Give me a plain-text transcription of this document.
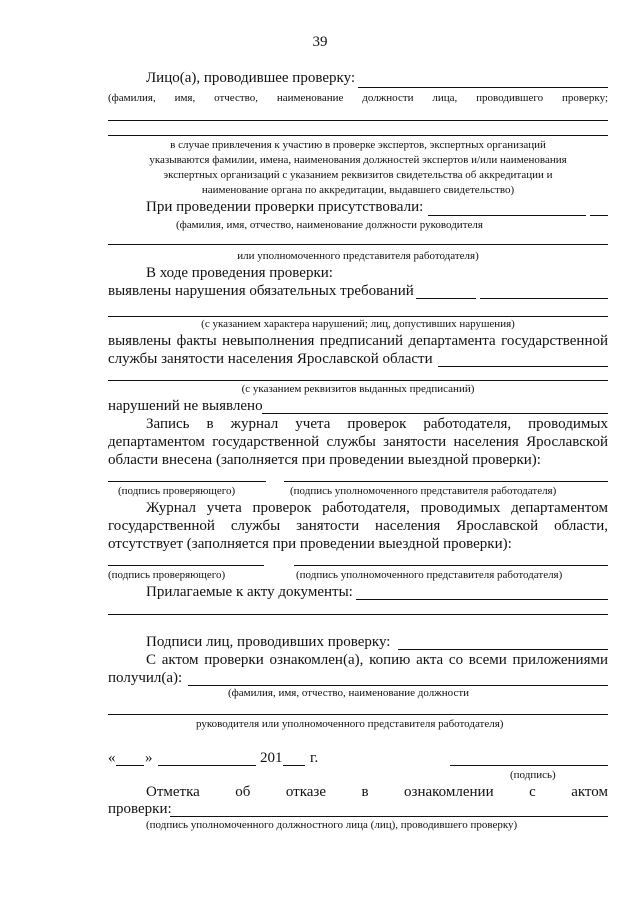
39
Лицо(а), проводившее проверку:
(фамилия, имя, отчество, наименование должности лица, проводившего проверку;
в случае привлечения к участию в проверке экспертов, экспертных организаций
указываются фамилии, имена, наименования должностей экспертов и/или наименования
экспертных организаций с указанием реквизитов свидетельства об аккредитации и
наименование органа по аккредитации, выдавшего свидетельство)
При проведении проверки присутствовали:
(фамилия, имя, отчество, наименование должности руководителя
или уполномоченного представителя работодателя)
В ходе проведения проверки:
выявлены нарушения обязательных требований
(с указанием характера нарушений; лиц, допустивших нарушения)
выявлены факты невыполнения предписаний департамента государственной
службы занятости населения Ярославской области
(с указанием реквизитов выданных предписаний)
нарушений не выявлено
Запись в журнал учета проверок работодателя, проводимых
департаментом государственной службы занятости населения Ярославской
области внесена (заполняется при проведении выездной проверки):
(подпись проверяющего)	(подпись уполномоченного представителя работодателя)
Журнал учета проверок работодателя, проводимых департаментом
государственной службы занятости населения Ярославской области,
отсутствует (заполняется при проведении выездной проверки):
(подпись проверяющего)	(подпись уполномоченного представителя работодателя)
Прилагаемые к акту документы:
Подписи лиц, проводивших проверку:
С актом проверки ознакомлен(а), копию акта со всеми приложениями
получил(а):
(фамилия, имя, отчество, наименование должности
руководителя или уполномоченного представителя работодателя)
« »	201 г.
(подпись)
Отметка об отказе в ознакомлении с актом
проверки:
(подпись уполномоченного должностного лица (лиц), проводившего проверку)
